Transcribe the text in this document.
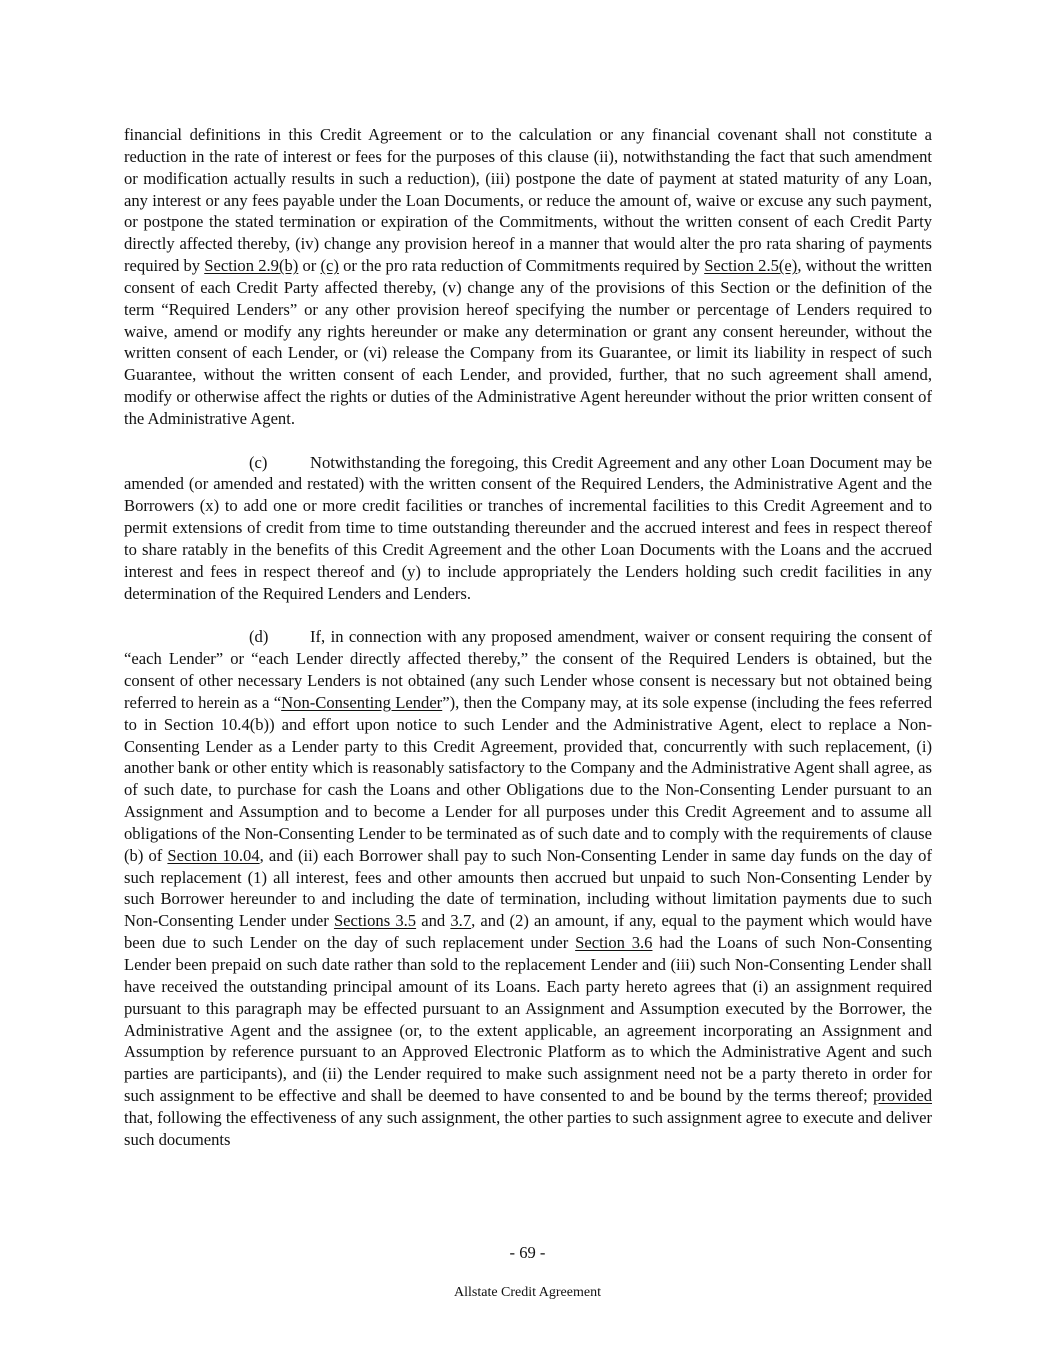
financial definitions in this Credit Agreement or to the calculation or any financial covenant shall not constitute a reduction in the rate of interest or fees for the purposes of this clause (ii), notwithstanding the fact that such amendment or modification actually results in such a reduction), (iii) postpone the date of payment at stated maturity of any Loan, any interest or any fees payable under the Loan Documents, or reduce the amount of, waive or excuse any such payment, or postpone the stated termination or expiration of the Commitments, without the written consent of each Credit Party directly affected thereby, (iv) change any provision hereof in a manner that would alter the pro rata sharing of payments required by Section 2.9(b) or (c) or the pro rata reduction of Commitments required by Section 2.5(e), without the written consent of each Credit Party affected thereby, (v) change any of the provisions of this Section or the definition of the term “Required Lenders” or any other provision hereof specifying the number or percentage of Lenders required to waive, amend or modify any rights hereunder or make any determination or grant any consent hereunder, without the written consent of each Lender, or (vi) release the Company from its Guarantee, or limit its liability in respect of such Guarantee, without the written consent of each Lender, and provided, further, that no such agreement shall amend, modify or otherwise affect the rights or duties of the Administrative Agent hereunder without the prior written consent of the Administrative Agent.

(c)	Notwithstanding the foregoing, this Credit Agreement and any other Loan Document may be amended (or amended and restated) with the written consent of the Required Lenders, the Administrative Agent and the Borrowers (x) to add one or more credit facilities or tranches of incremental facilities to this Credit Agreement and to permit extensions of credit from time to time outstanding thereunder and the accrued interest and fees in respect thereof to share ratably in the benefits of this Credit Agreement and the other Loan Documents with the Loans and the accrued interest and fees in respect thereof and (y) to include appropriately the Lenders holding such credit facilities in any determination of the Required Lenders and Lenders.

(d)	If, in connection with any proposed amendment, waiver or consent requiring the consent of “each Lender” or “each Lender directly affected thereby,” the consent of the Required Lenders is obtained, but the consent of other necessary Lenders is not obtained (any such Lender whose consent is necessary but not obtained being referred to herein as a “Non-Consenting Lender”), then the Company may, at its sole expense (including the fees referred to in Section 10.4(b)) and effort upon notice to such Lender and the Administrative Agent, elect to replace a Non-Consenting Lender as a Lender party to this Credit Agreement, provided that, concurrently with such replacement, (i) another bank or other entity which is reasonably satisfactory to the Company and the Administrative Agent shall agree, as of such date, to purchase for cash the Loans and other Obligations due to the Non-Consenting Lender pursuant to an Assignment and Assumption and to become a Lender for all purposes under this Credit Agreement and to assume all obligations of the Non-Consenting Lender to be terminated as of such date and to comply with the requirements of clause (b) of Section 10.04, and (ii) each Borrower shall pay to such Non-Consenting Lender in same day funds on the day of such replacement (1) all interest, fees and other amounts then accrued but unpaid to such Non-Consenting Lender by such Borrower hereunder to and including the date of termination, including without limitation payments due to such Non-Consenting Lender under Sections 3.5 and 3.7, and (2) an amount, if any, equal to the payment which would have been due to such Lender on the day of such replacement under Section 3.6 had the Loans of such Non-Consenting Lender been prepaid on such date rather than sold to the replacement Lender and (iii) such Non-Consenting Lender shall have received the outstanding principal amount of its Loans. Each party hereto agrees that (i) an assignment required pursuant to this paragraph may be effected pursuant to an Assignment and Assumption executed by the Borrower, the Administrative Agent and the assignee (or, to the extent applicable, an agreement incorporating an Assignment and Assumption by reference pursuant to an Approved Electronic Platform as to which the Administrative Agent and such parties are participants), and (ii) the Lender required to make such assignment need not be a party thereto in order for such assignment to be effective and shall be deemed to have consented to and be bound by the terms thereof; provided that, following the effectiveness of any such assignment, the other parties to such assignment agree to execute and deliver such documents

- 69 -
Allstate Credit Agreement
